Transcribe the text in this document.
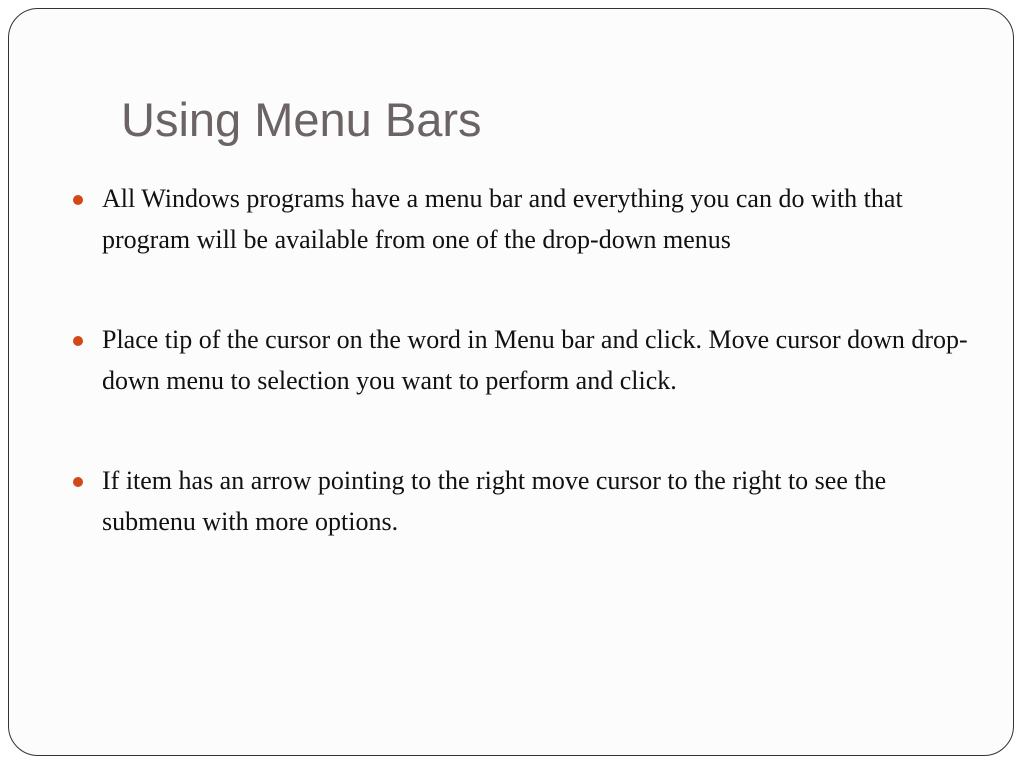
Using Menu Bars
All Windows programs have a menu bar and everything you can do with that program will be available from one of the drop-down menus
Place tip of the cursor on the word in Menu bar and click. Move cursor down drop-down menu to selection you want to perform and click.
If item has an arrow pointing to the right move cursor to the right to see the submenu with more options.
